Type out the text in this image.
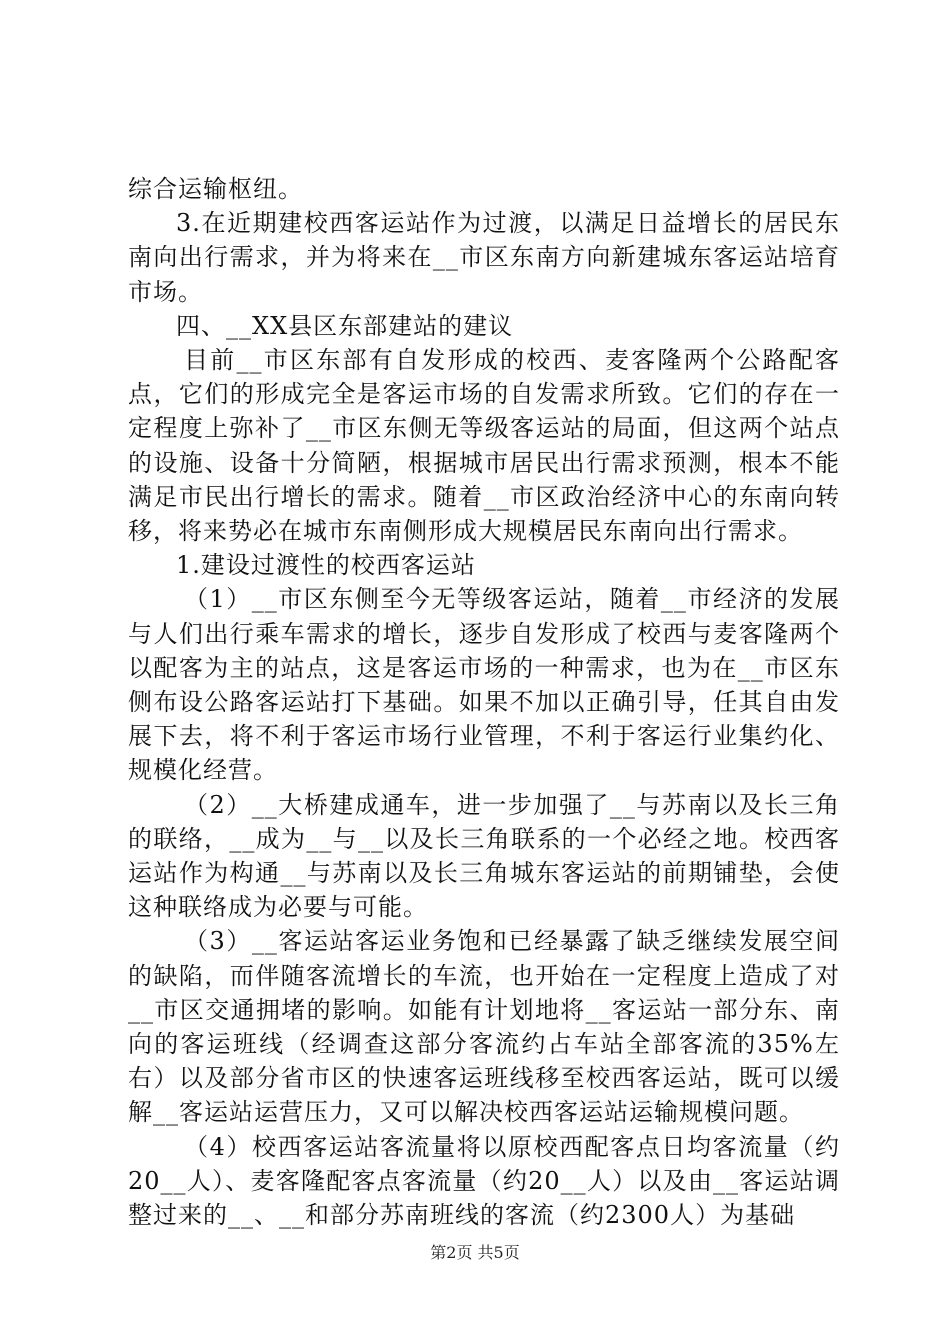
综合运输枢纽。

3.在近期建校西客运站作为过渡，以满足日益增长的居民东南向出行需求，并为将来在__市区东南方向新建城东客运站培育市场。

四、__XX县区东部建站的建议

目前__市区东部有自发形成的校西、麦客隆两个公路配客点，它们的形成完全是客运市场的自发需求所致。它们的存在一定程度上弥补了__市区东侧无等级客运站的局面，但这两个站点的设施、设备十分简陋，根据城市居民出行需求预测，根本不能满足市民出行增长的需求。随着__市区政治经济中心的东南向转移，将来势必在城市东南侧形成大规模居民东南向出行需求。

1.建设过渡性的校西客运站

（1）__市区东侧至今无等级客运站，随着__市经济的发展与人们出行乘车需求的增长，逐步自发形成了校西与麦客隆两个以配客为主的站点，这是客运市场的一种需求，也为在__市区东侧布设公路客运站打下基础。如果不加以正确引导，任其自由发展下去，将不利于客运市场行业管理，不利于客运行业集约化、规模化经营。

（2）__大桥建成通车，进一步加强了__与苏南以及长三角的联络，__成为__与__以及长三角联系的一个必经之地。校西客运站作为构通__与苏南以及长三角城东客运站的前期铺垫，会使这种联络成为必要与可能。

（3）__客运站客运业务饱和已经暴露了缺乏继续发展空间的缺陷，而伴随客流增长的车流，也开始在一定程度上造成了对__市区交通拥堵的影响。如能有计划地将__客运站一部分东、南向的客运班线（经调查这部分客流约占车站全部客流的35%左右）以及部分省市区的快速客运班线移至校西客运站，既可以缓解__客运站运营压力，又可以解决校西客运站运输规模问题。

（4）校西客运站客流量将以原校西配客点日均客流量（约20__人）、麦客隆配客点客流量（约20__人）以及由__客运站调整过来的__、__和部分苏南班线的客流（约2300人）为基础

第2页 共5页
